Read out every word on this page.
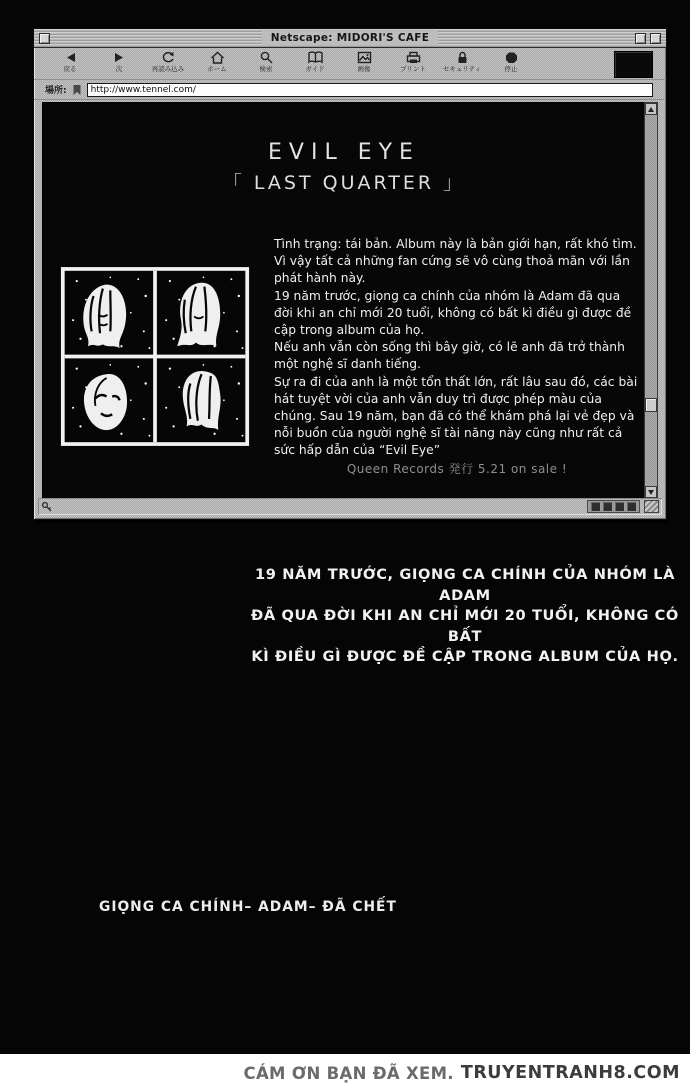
Netscape: MIDORI'S CAFE
戻る	次	再読み込み	ホーム	検索	ガイド	画像	プリント	セキュリティ	停止
場所:
http://www.tennel.com/
EVIL EYE
「 LAST QUARTER 」
Tình trạng: tái bản. Album này là bản giới hạn, rất khó tìm. Vì vậy tất cả những fan cứng sẽ vô cùng thoả mãn với lần phát hành này.
19 năm trước, giọng ca chính của nhóm là Adam đã qua đời khi an chỉ mới 20 tuổi, không có bất kì điều gì được đề cập trong album của họ.
Nếu anh vẫn còn sống thì bây giờ, có lẽ anh đã trở thành một nghệ sĩ danh tiếng.
Sự ra đi của anh là một tổn thất lớn, rất lâu sau đó, các bài hát tuyệt vời của anh vẫn duy trì được phép màu của chúng. Sau 19 năm, bạn đã có thể khám phá lại vẻ đẹp và nỗi buồn của người nghệ sĩ tài năng này cũng như rất cả sức hấp dẫn của “Evil Eye”
Queen Records 発行 5.21 on sale !
19 NĂM TRƯỚC, GIỌNG CA CHÍNH CỦA NHÓM LÀ ADAM
ĐÃ QUA ĐỜI KHI AN CHỈ MỚI 20 TUỔI, KHÔNG CÓ BẤT
KÌ ĐIỀU GÌ ĐƯỢC ĐỀ CẬP TRONG ALBUM CỦA HỌ.
GIỌNG CA CHÍNH– ADAM– ĐÃ CHẾT
CÁM ƠN BẠN ĐÃ XEM. TRUYENTRANH8.COM
